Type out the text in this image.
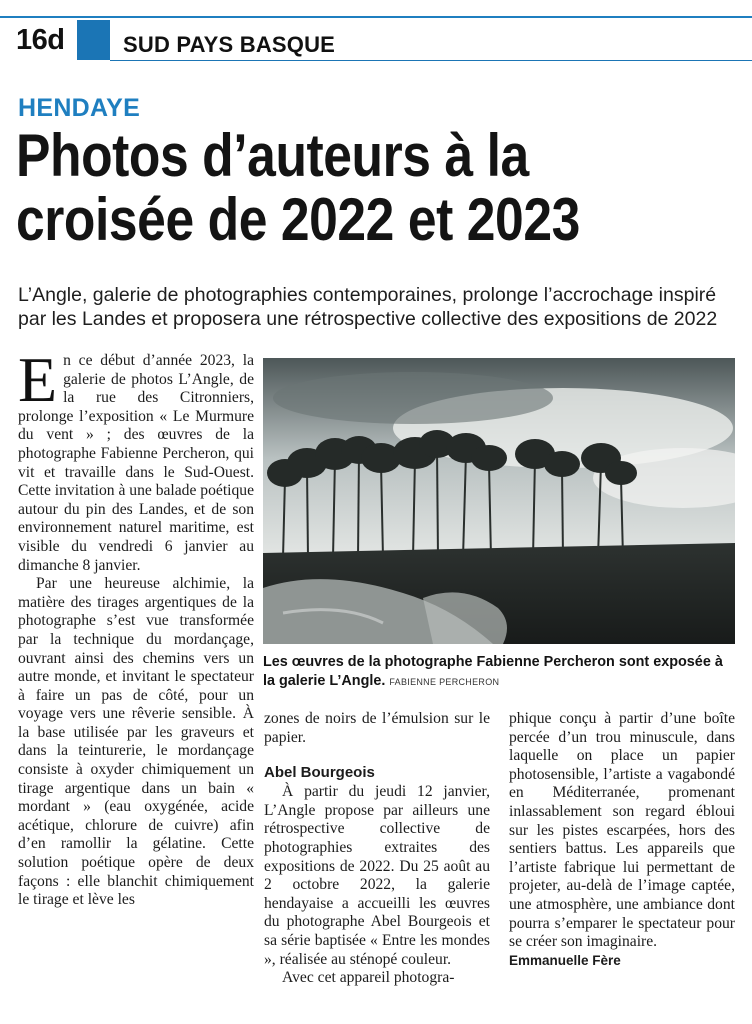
16d	SUD PAYS BASQUE
HENDAYE
Photos d’auteurs à la
croisée de 2022 et 2023
L’Angle, galerie de photographies contemporaines, prolonge l’accrochage inspiré
par les Landes et proposera une rétrospective collective des expositions de 2022

En ce début d’année 2023, la galerie de photos L’Angle, de la rue des Citronniers, prolonge l’exposition « Le Murmure du vent » ; des œuvres de la photographe Fabienne Percheron, qui vit et travaille dans le Sud-Ouest. Cette invitation à une balade poétique autour du pin des Landes, et de son environnement naturel maritime, est visible du vendredi 6 janvier au dimanche 8 janvier.

Par une heureuse alchimie, la matière des tirages argentiques de la photographe s’est vue transformée par la technique du mordançage, ouvrant ainsi des chemins vers un autre monde, et invitant le spectateur à faire un pas de côté, pour un voyage vers une rêverie sensible. À la base utilisée par les graveurs et dans la teinturerie, le mordançage consiste à oxyder chimiquement un tirage argentique dans un bain « mordant » (eau oxygénée, acide acétique, chlorure de cuivre) afin d’en ramollir la gélatine. Cette solution poétique opère de deux façons : elle blanchit chimiquement le tirage et lève les

Les œuvres de la photographe Fabienne Percheron sont exposée à la galerie L’Angle. FABIENNE PERCHERON

zones de noirs de l’émulsion sur le papier.

Abel Bourgeois

À partir du jeudi 12 janvier, L’Angle propose par ailleurs une rétrospective collective de photographies extraites des expositions de 2022. Du 25 août au 2 octobre 2022, la galerie hendayaise a accueilli les œuvres du photographe Abel Bourgeois et sa série baptisée « Entre les mondes », réalisée au sténopé couleur.

Avec cet appareil photogra-

phique conçu à partir d’une boîte percée d’un trou minuscule, dans laquelle on place un papier photosensible, l’artiste a vagabondé en Méditerranée, promenant inlassablement son regard ébloui sur les pistes escarpées, hors des sentiers battus. Les appareils que l’artiste fabrique lui permettant de projeter, au-delà de l’image captée, une atmosphère, une ambiance dont pourra s’emparer le spectateur pour se créer son imaginaire.

Emmanuelle Fère
